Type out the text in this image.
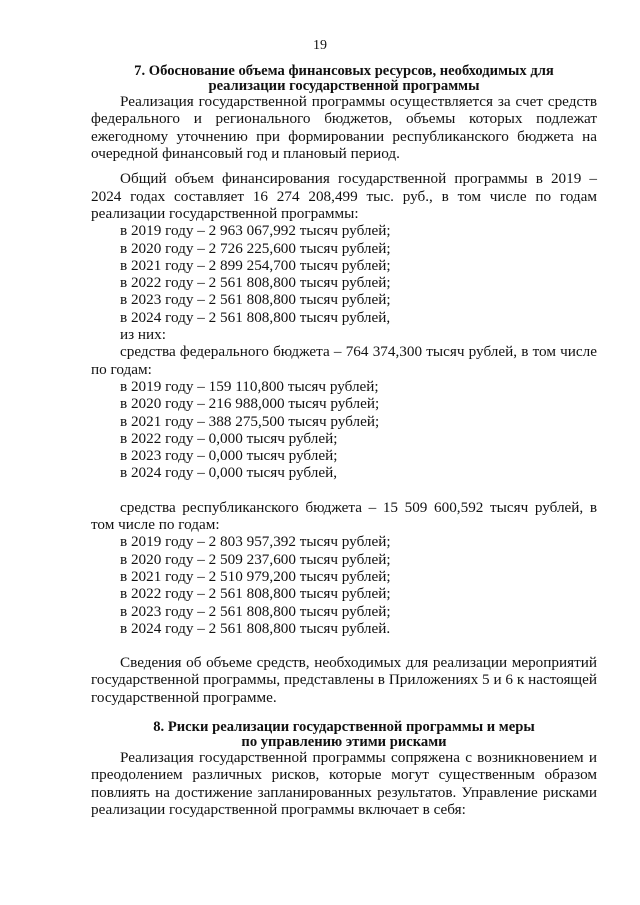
19
7. Обоснование объема финансовых ресурсов, необходимых для
реализации государственной программы

Реализация государственной программы осуществляется за счет средств федерального и регионального бюджетов, объемы которых подлежат ежегодному уточнению при формировании республиканского бюджета на очередной финансовый год и плановый период.

Общий объем финансирования государственной программы в 2019 – 2024 годах составляет 16 274 208,499 тыс. руб., в том числе по годам реализации государственной программы:

в 2019 году – 2 963 067,992 тысяч рублей;

в 2020 году – 2 726 225,600 тысяч рублей;

в 2021 году – 2 899 254,700 тысяч рублей;

в 2022 году – 2 561 808,800 тысяч рублей;

в 2023 году – 2 561 808,800 тысяч рублей;

в 2024 году – 2 561 808,800 тысяч рублей,

из них:

средства федерального бюджета – 764 374,300 тысяч рублей, в том числе по годам:

в 2019 году – 159 110,800 тысяч рублей;

в 2020 году – 216 988,000 тысяч рублей;

в 2021 году – 388 275,500 тысяч рублей;

в 2022 году – 0,000 тысяч рублей;

в 2023 году – 0,000 тысяч рублей;

в 2024 году – 0,000 тысяч рублей,

средства республиканского бюджета – 15 509 600,592 тысяч рублей, в том числе по годам:

в 2019 году – 2 803 957,392 тысяч рублей;

в 2020 году – 2 509 237,600 тысяч рублей;

в 2021 году – 2 510 979,200 тысяч рублей;

в 2022 году – 2 561 808,800 тысяч рублей;

в 2023 году – 2 561 808,800 тысяч рублей;

в 2024 году – 2 561 808,800 тысяч рублей.

Сведения об объеме средств, необходимых для реализации мероприятий государственной программы, представлены в Приложениях 5 и 6 к настоящей государственной программе.

8. Риски реализации государственной программы и меры
по управлению этими рисками

Реализация государственной программы сопряжена с возникновением и преодолением различных рисков, которые могут существенным образом повлиять на достижение запланированных результатов. Управление рисками реализации государственной программы включает в себя:
